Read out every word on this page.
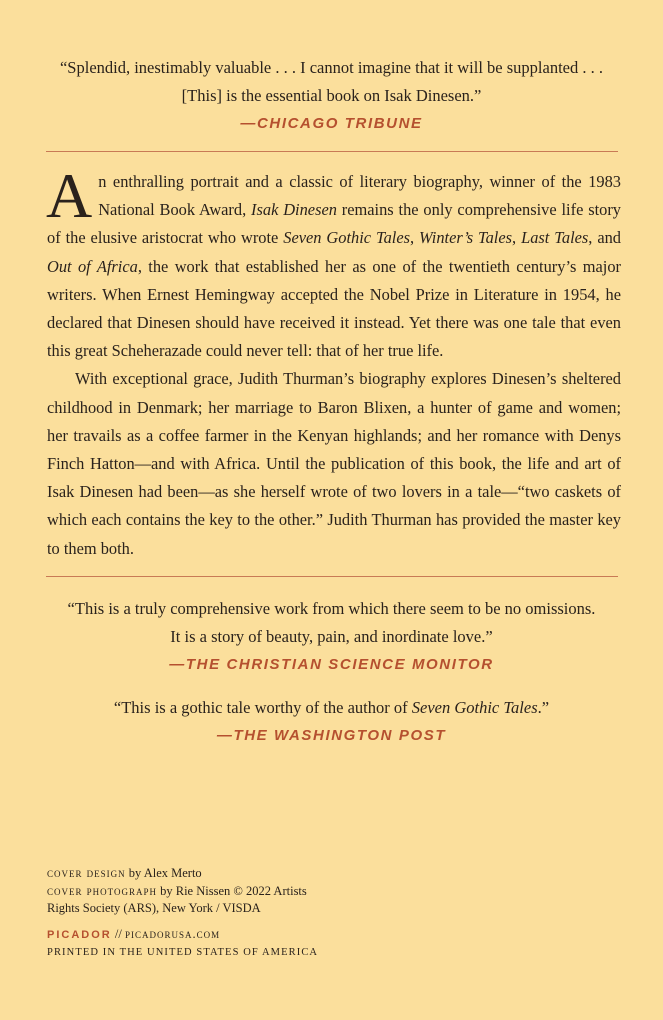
“Splendid, inestimably valuable . . . I cannot imagine that it will be supplanted . . .
[This] is the essential book on Isak Dinesen.”
—CHICAGO TRIBUNE

An enthralling portrait and a classic of literary biography, winner of the 1983 National Book Award, Isak Dinesen remains the only comprehensive life story of the elusive aristocrat who wrote Seven Gothic Tales, Winter’s Tales, Last Tales, and Out of Africa, the work that established her as one of the twentieth century’s major writers. When Ernest Hemingway accepted the Nobel Prize in Literature in 1954, he declared that Dinesen should have received it instead. Yet there was one tale that even this great Scheherazade could never tell: that of her true life.

With exceptional grace, Judith Thurman’s biography explores Dinesen’s sheltered childhood in Denmark; her marriage to Baron Blixen, a hunter of game and women; her travails as a coffee farmer in the Kenyan highlands; and her romance with Denys Finch Hatton—and with Africa. Until the publication of this book, the life and art of Isak Dinesen had been—as she herself wrote of two lovers in a tale—“two caskets of which each contains the key to the other.” Judith Thurman has provided the master key to them both.

“This is a truly comprehensive work from which there seem to be no omissions.
It is a story of beauty, pain, and inordinate love.”
—THE CHRISTIAN SCIENCE MONITOR
“This is a gothic tale worthy of the author of Seven Gothic Tales.”
—THE WASHINGTON POST
cover design by Alex Merto
cover photograph by Rie Nissen © 2022 Artists
Rights Society (ARS), New York / VISDA
PICADOR // picadorusa.com
PRINTED IN THE UNITED STATES OF AMERICA
